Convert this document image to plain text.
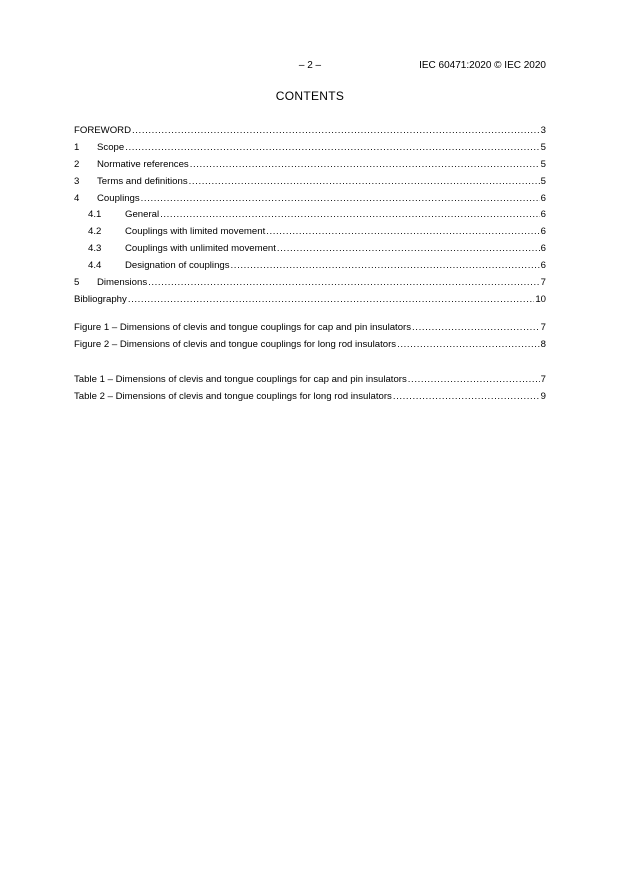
– 2 –	IEC 60471:2020 © IEC 2020
CONTENTS
FOREWORD .....	3
1	Scope .....	5
2	Normative references .....	5
3	Terms and definitions .....	5
4	Couplings .....	6
4.1	General .....	6
4.2	Couplings with limited movement .....	6
4.3	Couplings with unlimited movement .....	6
4.4	Designation of couplings .....	6
5	Dimensions .....	7
Bibliography .....	10
Figure 1 – Dimensions of clevis and tongue couplings for cap and pin insulators .....	7
Figure 2 – Dimensions of clevis and tongue couplings for long rod insulators .....	8
Table 1 – Dimensions of clevis and tongue couplings for cap and pin insulators .....	7
Table 2 – Dimensions of clevis and tongue couplings for long rod insulators .....	9
